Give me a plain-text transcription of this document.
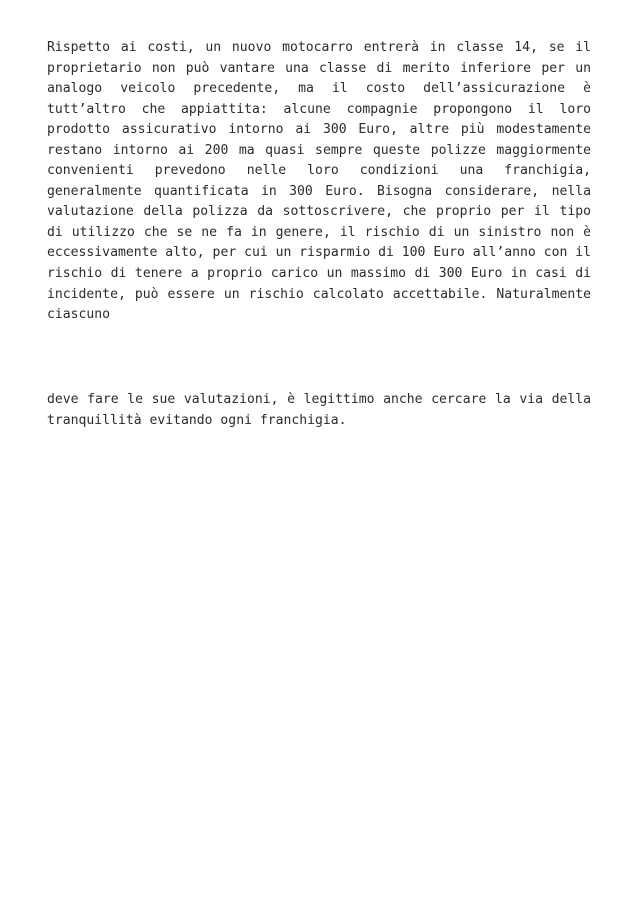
Rispetto ai costi, un nuovo motocarro entrerà in classe 14, se il proprietario non può vantare una classe di merito inferiore per un analogo veicolo precedente, ma il costo dell’assicurazione è tutt’altro che appiattita: alcune compagnie propongono il loro prodotto assicurativo intorno ai 300 Euro, altre più modestamente restano intorno ai 200 ma quasi sempre queste polizze maggiormente convenienti prevedono nelle loro condizioni una franchigia, generalmente quantificata in 300 Euro. Bisogna considerare, nella valutazione della polizza da sottoscrivere, che proprio per il tipo di utilizzo che se ne fa in genere, il rischio di un sinistro non è eccessivamente alto, per cui un risparmio di 100 Euro all’anno con il rischio di tenere a proprio carico un massimo di 300 Euro in casi di incidente, può essere un rischio calcolato accettabile. Naturalmente ciascuno

deve fare le sue valutazioni, è legittimo anche cercare la via della tranquillità evitando ogni franchigia.
